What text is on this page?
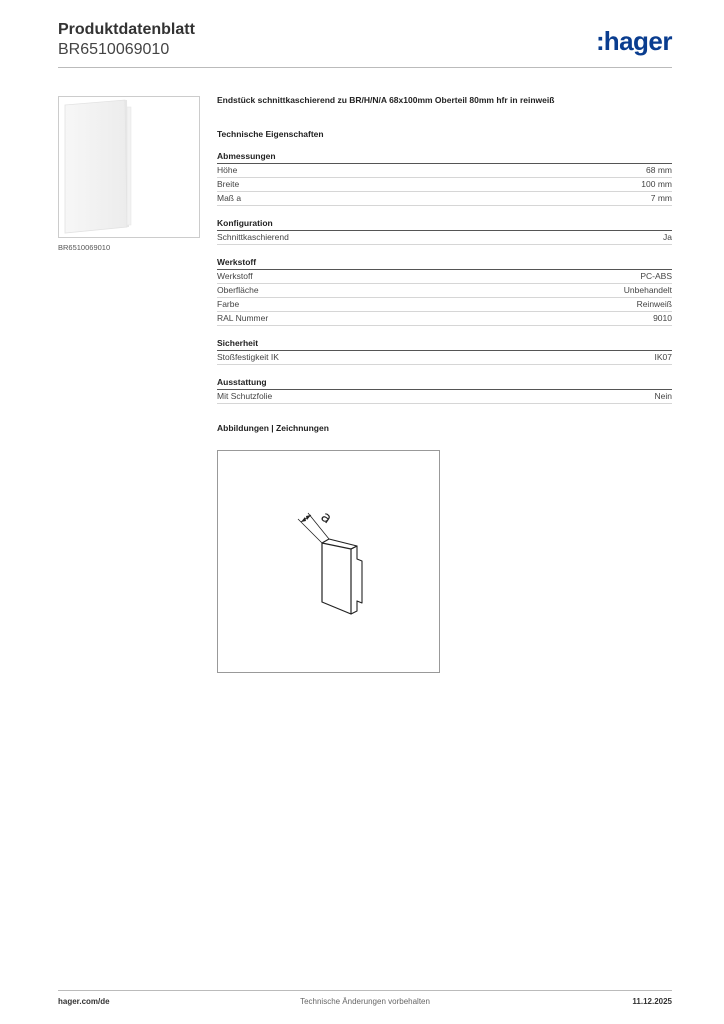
Produktdatenblatt
BR6510069010	:hager
BR6510069010
Endstück schnittkaschierend zu BR/H/N/A 68x100mm Oberteil 80mm hfr in reinweiß
Technische Eigenschaften
Abmessungen
Höhe	68 mm
Breite	100 mm
Maß a	7 mm
Konfiguration
Schnittkaschierend	Ja
Werkstoff
Werkstoff	PC-ABS
Oberfläche	Unbehandelt
Farbe	Reinweiß
RAL Nummer	9010
Sicherheit
Stoßfestigkeit IK	IK07
Ausstattung
Mit Schutzfolie	Nein
Abbildungen | Zeichnungen
a
hager.com/de	Technische Änderungen vorbehalten	11.12.2025
